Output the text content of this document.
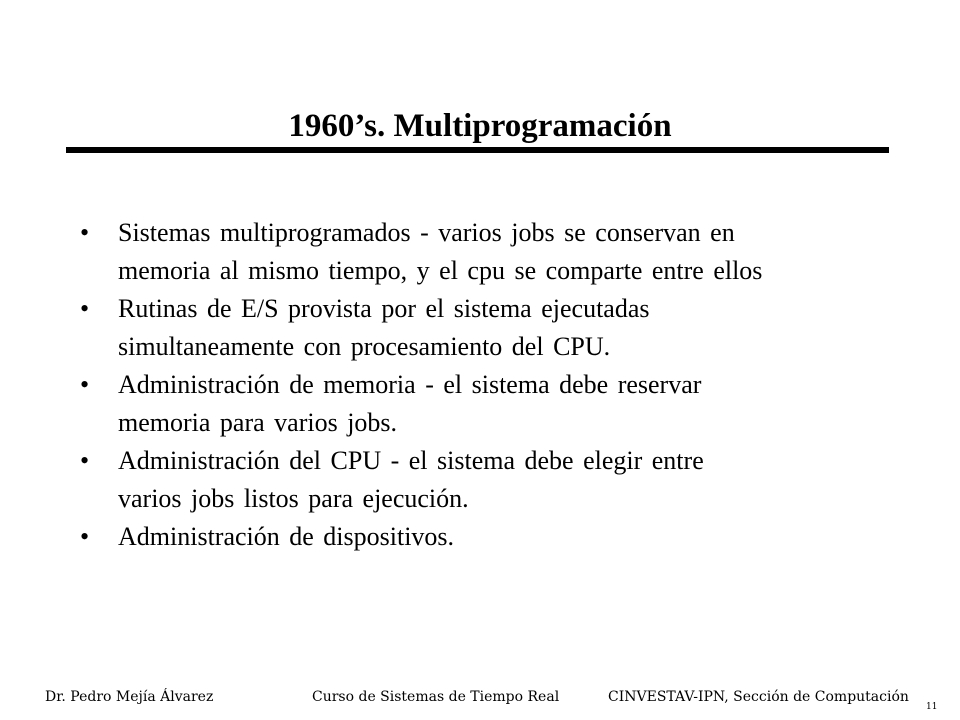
1960’s. Multiprogramación
•	Sistemas multiprogramados - varios jobs se conservan en
memoria al mismo tiempo, y el cpu se comparte entre ellos
•	Rutinas de E/S provista por el sistema ejecutadas
simultaneamente con procesamiento del CPU.
•	Administración de memoria - el sistema debe reservar
memoria para varios jobs.
•	Administración del CPU - el sistema debe elegir entre
varios jobs listos para ejecución.
•	Administración de dispositivos.
Dr. Pedro Mejía Álvarez	Curso de Sistemas de Tiempo Real	CINVESTAV-IPN, Sección de Computación
11
